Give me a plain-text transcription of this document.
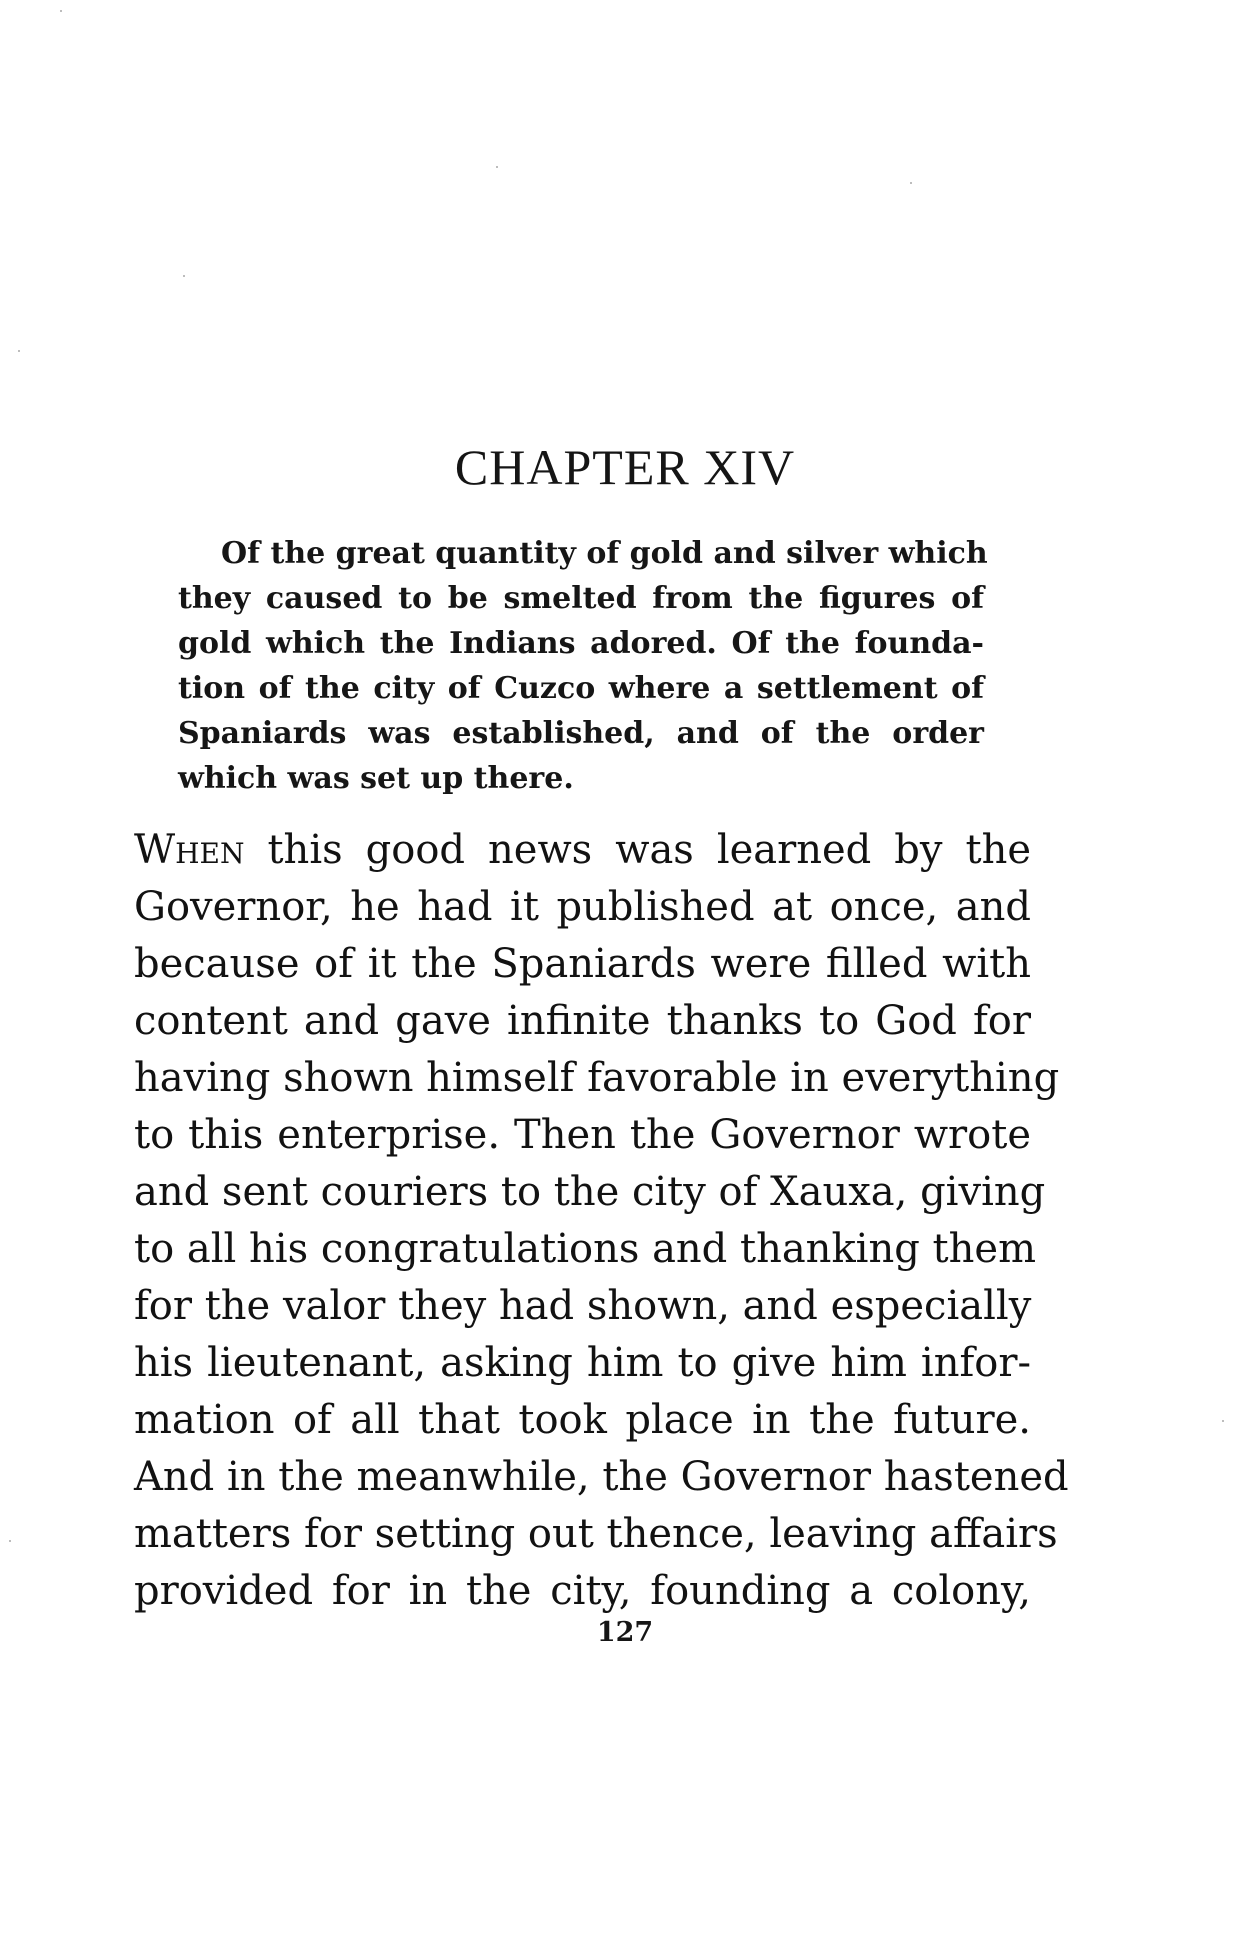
CHAPTER XIV
Of the great quantity of gold and silver which
they caused to be smelted from the figures of
gold which the Indians adored. Of the founda-
tion of the city of Cuzco where a settlement of
Spaniards was established, and of the order
which was set up there.
When this good news was learned by the
Governor, he had it published at once, and
because of it the Spaniards were filled with
content and gave infinite thanks to God for
having shown himself favorable in everything
to this enterprise. Then the Governor wrote
and sent couriers to the city of Xauxa, giving
to all his congratulations and thanking them
for the valor they had shown, and especially
his lieutenant, asking him to give him infor-
mation of all that took place in the future.
And in the meanwhile, the Governor hastened
matters for setting out thence, leaving affairs
provided for in the city, founding a colony,
127
